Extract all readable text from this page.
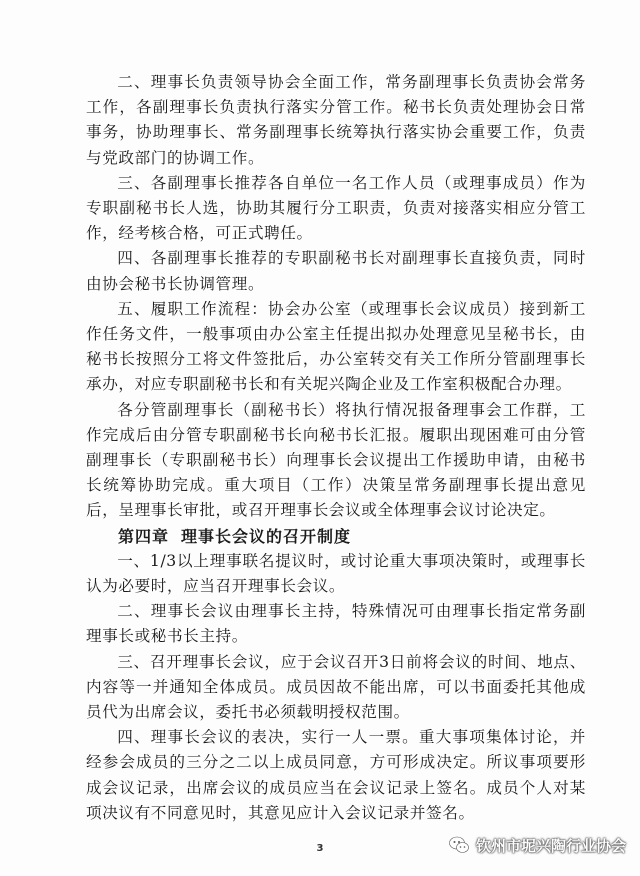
二、理事长负责领导协会全面工作，常务副理事长负责协会常务工作，各副理事长负责执行落实分管工作。秘书长负责处理协会日常事务，协助理事长、常务副理事长统筹执行落实协会重要工作，负责与党政部门的协调工作。

三、各副理事长推荐各自单位一名工作人员（或理事成员）作为专职副秘书长人选，协助其履行分工职责，负责对接落实相应分管工作，经考核合格，可正式聘任。

四、各副理事长推荐的专职副秘书长对副理事长直接负责，同时由协会秘书长协调管理。

五、履职工作流程：协会办公室（或理事长会议成员）接到新工作任务文件，一般事项由办公室主任提出拟办处理意见呈秘书长，由秘书长按照分工将文件签批后，办公室转交有关工作所分管副理事长承办，对应专职副秘书长和有关坭兴陶企业及工作室积极配合办理。

各分管副理事长（副秘书长）将执行情况报备理事会工作群，工作完成后由分管专职副秘书长向秘书长汇报。履职出现困难可由分管副理事长（专职副秘书长）向理事长会议提出工作援助申请，由秘书长统筹协助完成。重大项目（工作）决策呈常务副理事长提出意见后，呈理事长审批，或召开理事长会议或全体理事会议讨论决定。

第四章 理事长会议的召开制度

一、1/3以上理事联名提议时，或讨论重大事项决策时，或理事长认为必要时，应当召开理事长会议。

二、理事长会议由理事长主持，特殊情况可由理事长指定常务副理事长或秘书长主持。

三、召开理事长会议，应于会议召开3日前将会议的时间、地点、内容等一并通知全体成员。成员因故不能出席，可以书面委托其他成员代为出席会议，委托书必须载明授权范围。

四、理事长会议的表决，实行一人一票。重大事项集体讨论，并经参会成员的三分之二以上成员同意，方可形成决定。所议事项要形成会议记录，出席会议的成员应当在会议记录上签名。成员个人对某项决议有不同意见时，其意见应计入会议记录并签名。

3	钦州市坭兴陶行业协会
